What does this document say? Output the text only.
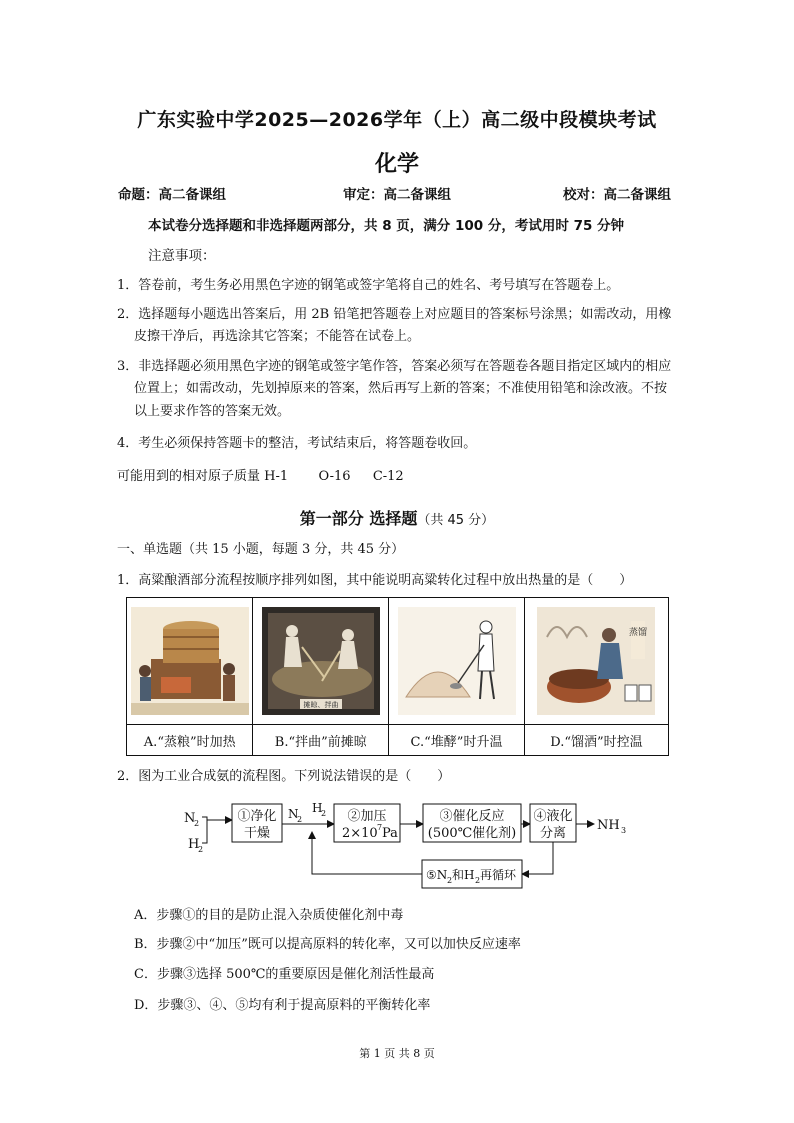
广东实验中学2025—2026学年（上）高二级中段模块考试
化学
命题：高二备课组	审定：高二备课组	校对：高二备课组
本试卷分选择题和非选择题两部分，共 8 页，满分 100 分，考试用时 75 分钟
注意事项：
1．答卷前，考生务必用黑色字迹的钢笔或签字笔将自己的姓名、考号填写在答题卷上。
2．选择题每小题选出答案后，用 2B 铅笔把答题卷上对应题目的答案标号涂黑；如需改动，用橡
皮擦干净后，再选涂其它答案；不能答在试卷上。
3．非选择题必须用黑色字迹的钢笔或签字笔作答，答案必须写在答题卷各题目指定区域内的相应
位置上；如需改动，先划掉原来的答案，然后再写上新的答案；不准使用铅笔和涂改液。不按
以上要求作答的答案无效。
4．考生必须保持答题卡的整洁，考试结束后，将答题卷收回。
可能用到的相对原子质量 H-1 O-16 C-12
第一部分 选择题（共 45 分）
一、单选题（共 15 小题，每题 3 分，共 45 分）
1．高粱酿酒部分流程按顺序排列如图，其中能说明高粱转化过程中放出热量的是（　　）

摊晾、拌曲		蒸馏

A.“蒸粮”时加热	B.“拌曲”前摊晾	C.“堆酵”时升温	D.“馏酒”时控温
2．图为工业合成氨的流程图。下列说法错误的是（　　）
N
2
H
2
①净化
干燥
N
2
H
2 ②加压
2×10 7 Pa
③催化反应
(500℃催化剂)
④液化
分离
NH 3
⑤N 2 和H 2 再循环
A．步骤①的目的是防止混入杂质使催化剂中毒
B．步骤②中“加压”既可以提高原料的转化率，又可以加快反应速率
C．步骤③选择 500℃的重要原因是催化剂活性最高
D．步骤③、④、⑤均有利于提高原料的平衡转化率
第 1 页 共 8 页
